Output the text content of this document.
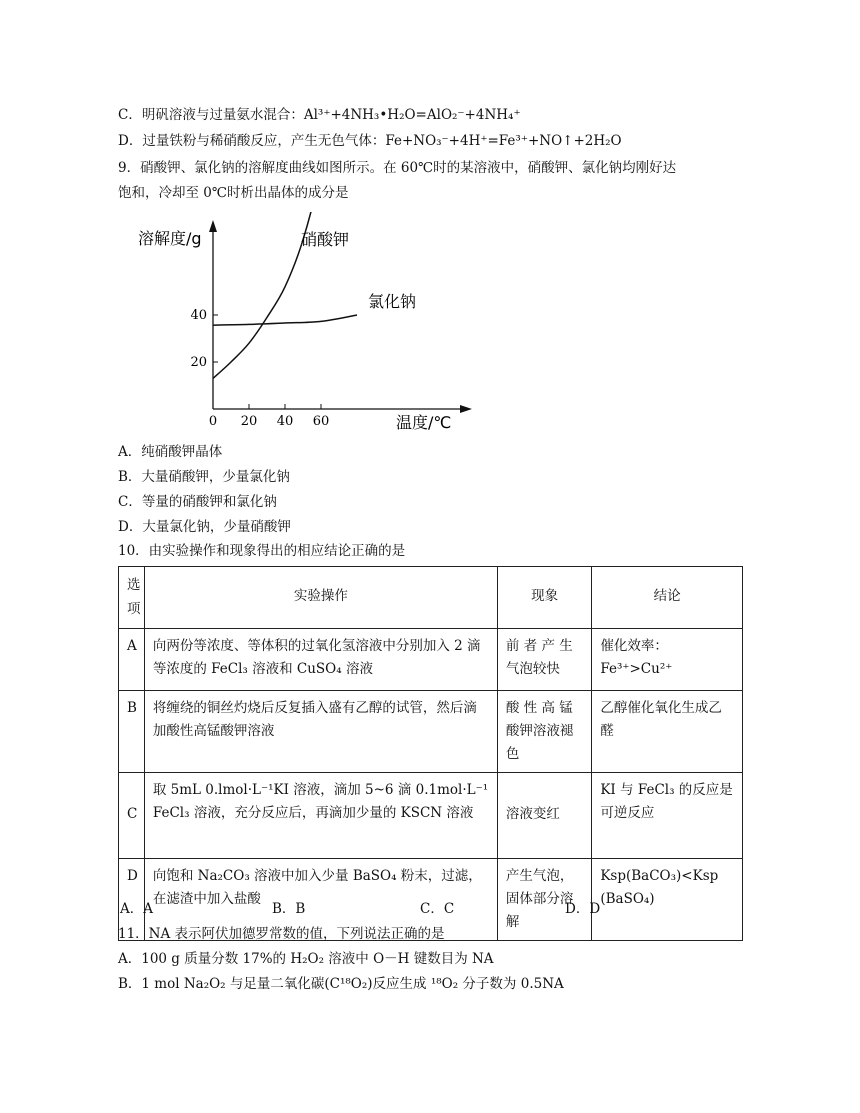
C．明矾溶液与过量氨水混合：Al³⁺+4NH₃•H₂O=AlO₂⁻+4NH₄⁺
D．过量铁粉与稀硝酸反应，产生无色气体：Fe+NO₃⁻+4H⁺=Fe³⁺+NO↑+2H₂O
9．硝酸钾、氯化钠的溶解度曲线如图所示。在 60℃时的某溶液中，硝酸钾、氯化钠均刚好达
饱和，冷却至 0℃时析出晶体的成分是
0 20 40 60
20
40
硝酸钾
氯化钠
溶解度/g
温度/℃
A．纯硝酸钾晶体
B．大量硝酸钾，少量氯化钠
C．等量的硝酸钾和氯化钠
D．大量氯化钠，少量硝酸钾
10．由实验操作和现象得出的相应结论正确的是
选
项	实验操作	现象	结论
A	向两份等浓度、等体积的过氧化氢溶液中分别加入 2 滴等浓度的 FeCl₃ 溶液和 CuSO₄ 溶液	前 者 产 生 气泡较快	催化效率：Fe³⁺>Cu²⁺
B	将缠绕的铜丝灼烧后反复插入盛有乙醇的试管，然后滴加酸性高锰酸钾溶液	酸 性 高 锰 酸钾溶液褪色	乙醇催化氧化生成乙醛
C	取 5mL 0.lmol·L⁻¹KI 溶液，滴加 5~6 滴 0.1mol·L⁻¹ FeCl₃ 溶液，充分反应后，再滴加少量的 KSCN 溶液	溶液变红	KI 与 FeCl₃ 的反应是可逆反应
D	向饱和 Na₂CO₃ 溶液中加入少量 BaSO₄ 粉末，过滤，在滤渣中加入盐酸	产生气泡，固体部分溶解	Ksp(BaCO₃)<Ksp (BaSO₄)
A．A	B．B	C．C	D．D
11．NA 表示阿伏加德罗常数的值，下列说法正确的是
A．100 g 质量分数 17%的 H₂O₂ 溶液中 O－H 键数目为 NA
B．1 mol Na₂O₂ 与足量二氧化碳(C¹⁸O₂)反应生成 ¹⁸O₂ 分子数为 0.5NA
